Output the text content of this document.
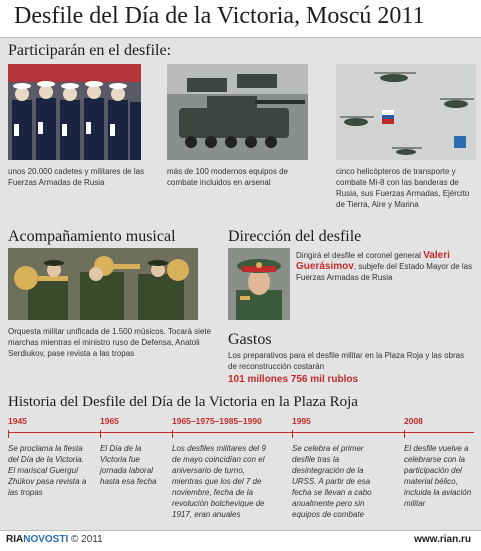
Desfile del Día de la Victoria, Moscú 2011
Participarán en el desfile:
unos 20.000 cadetes y militares de las Fuerzas Armadas de Rusia
más de 100 modernos equipos de combate incluidos en arsenal
cinco helicópteros de transporte y combate Mi-8 con las banderas de Rusia, sus Fuerzas Armadas, Ejército de Tierra, Aire y Marina
Acompañamiento musical
Orquesta militar unificada de 1.500 músicos. Tocará siete marchas mientras el ministro ruso de Defensa, Anatoli Serdiukov, pase revista a las tropas
Dirección del desfile
Dirigirá el desfile el coronel general Valeri Guerásimov, subjefe del Estado Mayor de las Fuerzas Armadas de Rusia
Gastos
Los preparativos para el desfile militar en la Plaza Roja y las obras de reconstrucción costarán
101 millones 756 mil rublos
Historia del Desfile del Día de la Victoria en la Plaza Roja
1945
Se proclama la fiesta del Día de la Victoria. El mariscal Guerguí Zhúkov pasa revista a las tropas
1965
El Día de la Victoria fue jornada laboral hasta esa fecha
1965–1975–1985–1990
Los desfiles militares del 9 de mayo coincidían con el aniversario de turno, mientras que los del 7 de noviembre, fecha de la revolución bolchevique de 1917, eran anuales
1995
Se celebra el primer desfile tras la desintegración de la URSS. A partir de esa fecha se llevan a cabo anualmente pero sin equipos de combate
2008
El desfile vuelve a celebrarse con la participación del material bélico, incluida la aviación militar
RIANOVOSTI © 2011	www.rian.ru
